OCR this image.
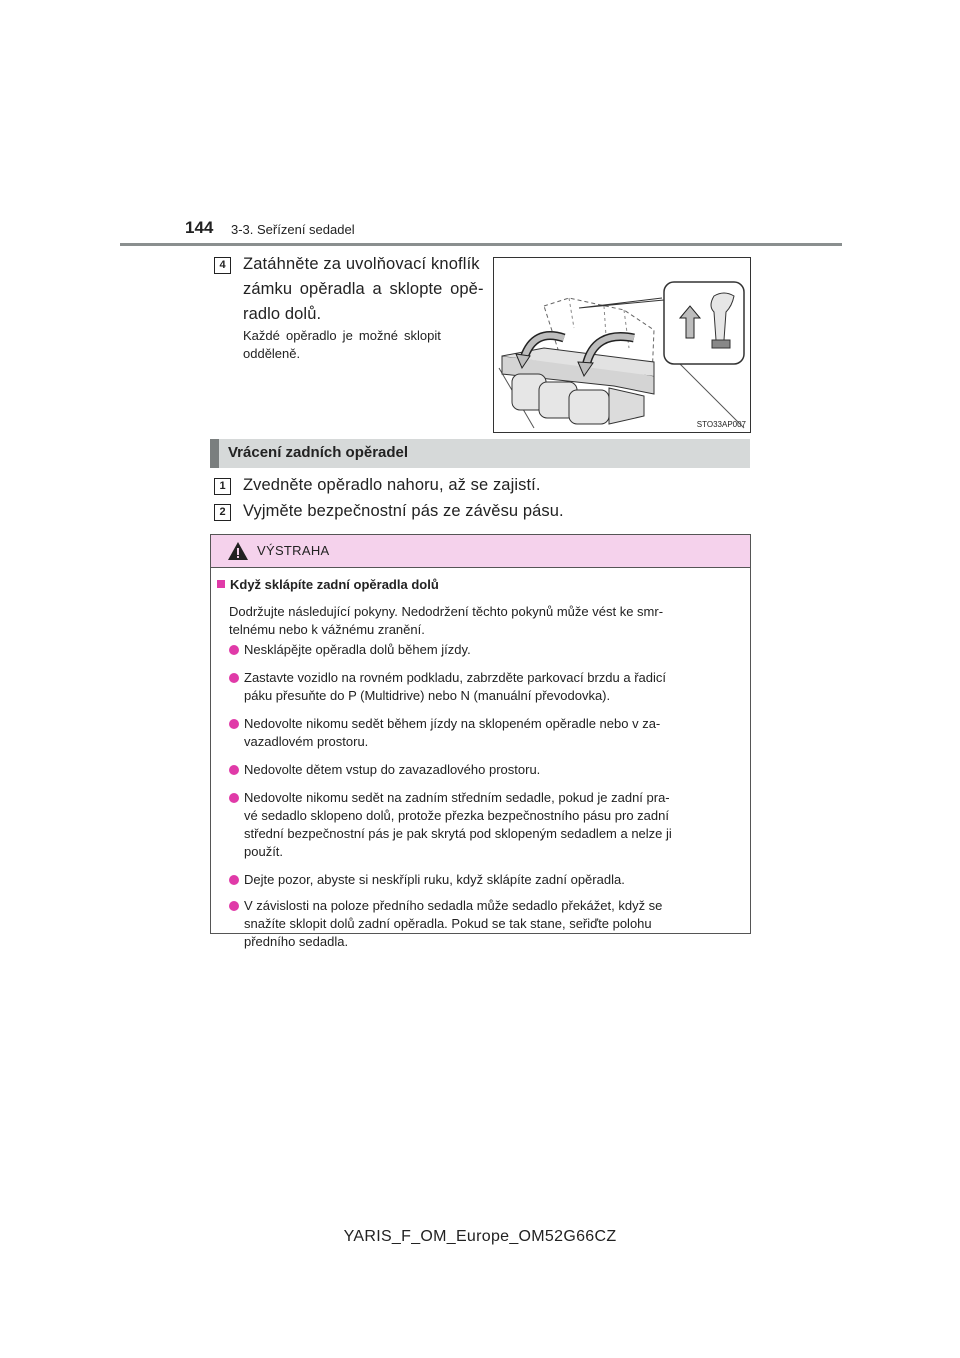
144 3-3. Seřízení sedadel
4	Zatáhněte za uvolňovací knoflík
zámku opěradla a sklopte opě-
radlo dolů.
Každé opěradlo je možné sklopit
odděleně.
STO33AP007
Vrácení zadních opěradel
1	Zvedněte opěradlo nahoru, až se zajistí.
2	Vyjměte bezpečnostní pás ze závěsu pásu.
VÝSTRAHA
Když sklápíte zadní opěradla dolů
Dodržujte následující pokyny. Nedodržení těchto pokynů může vést ke smr-
telnému nebo k vážnému zranění.
Nesklápějte opěradla dolů během jízdy.
Zastavte vozidlo na rovném podkladu, zabrzděte parkovací brzdu a řadicí
páku přesuňte do P (Multidrive) nebo N (manuální převodovka).
Nedovolte nikomu sedět během jízdy na sklopeném opěradle nebo v za-
vazadlovém prostoru.
Nedovolte dětem vstup do zavazadlového prostoru.
Nedovolte nikomu sedět na zadním středním sedadle, pokud je zadní pra-
vé sedadlo sklopeno dolů, protože přezka bezpečnostního pásu pro zadní
střední bezpečnostní pás je pak skrytá pod sklopeným sedadlem a nelze ji
použít.
Dejte pozor, abyste si neskřípli ruku, když sklápíte zadní opěradla.
V závislosti na poloze předního sedadla může sedadlo překážet, když se
snažíte sklopit dolů zadní opěradla. Pokud se tak stane, seřiďte polohu
předního sedadla.
YARIS_F_OM_Europe_OM52G66CZ
